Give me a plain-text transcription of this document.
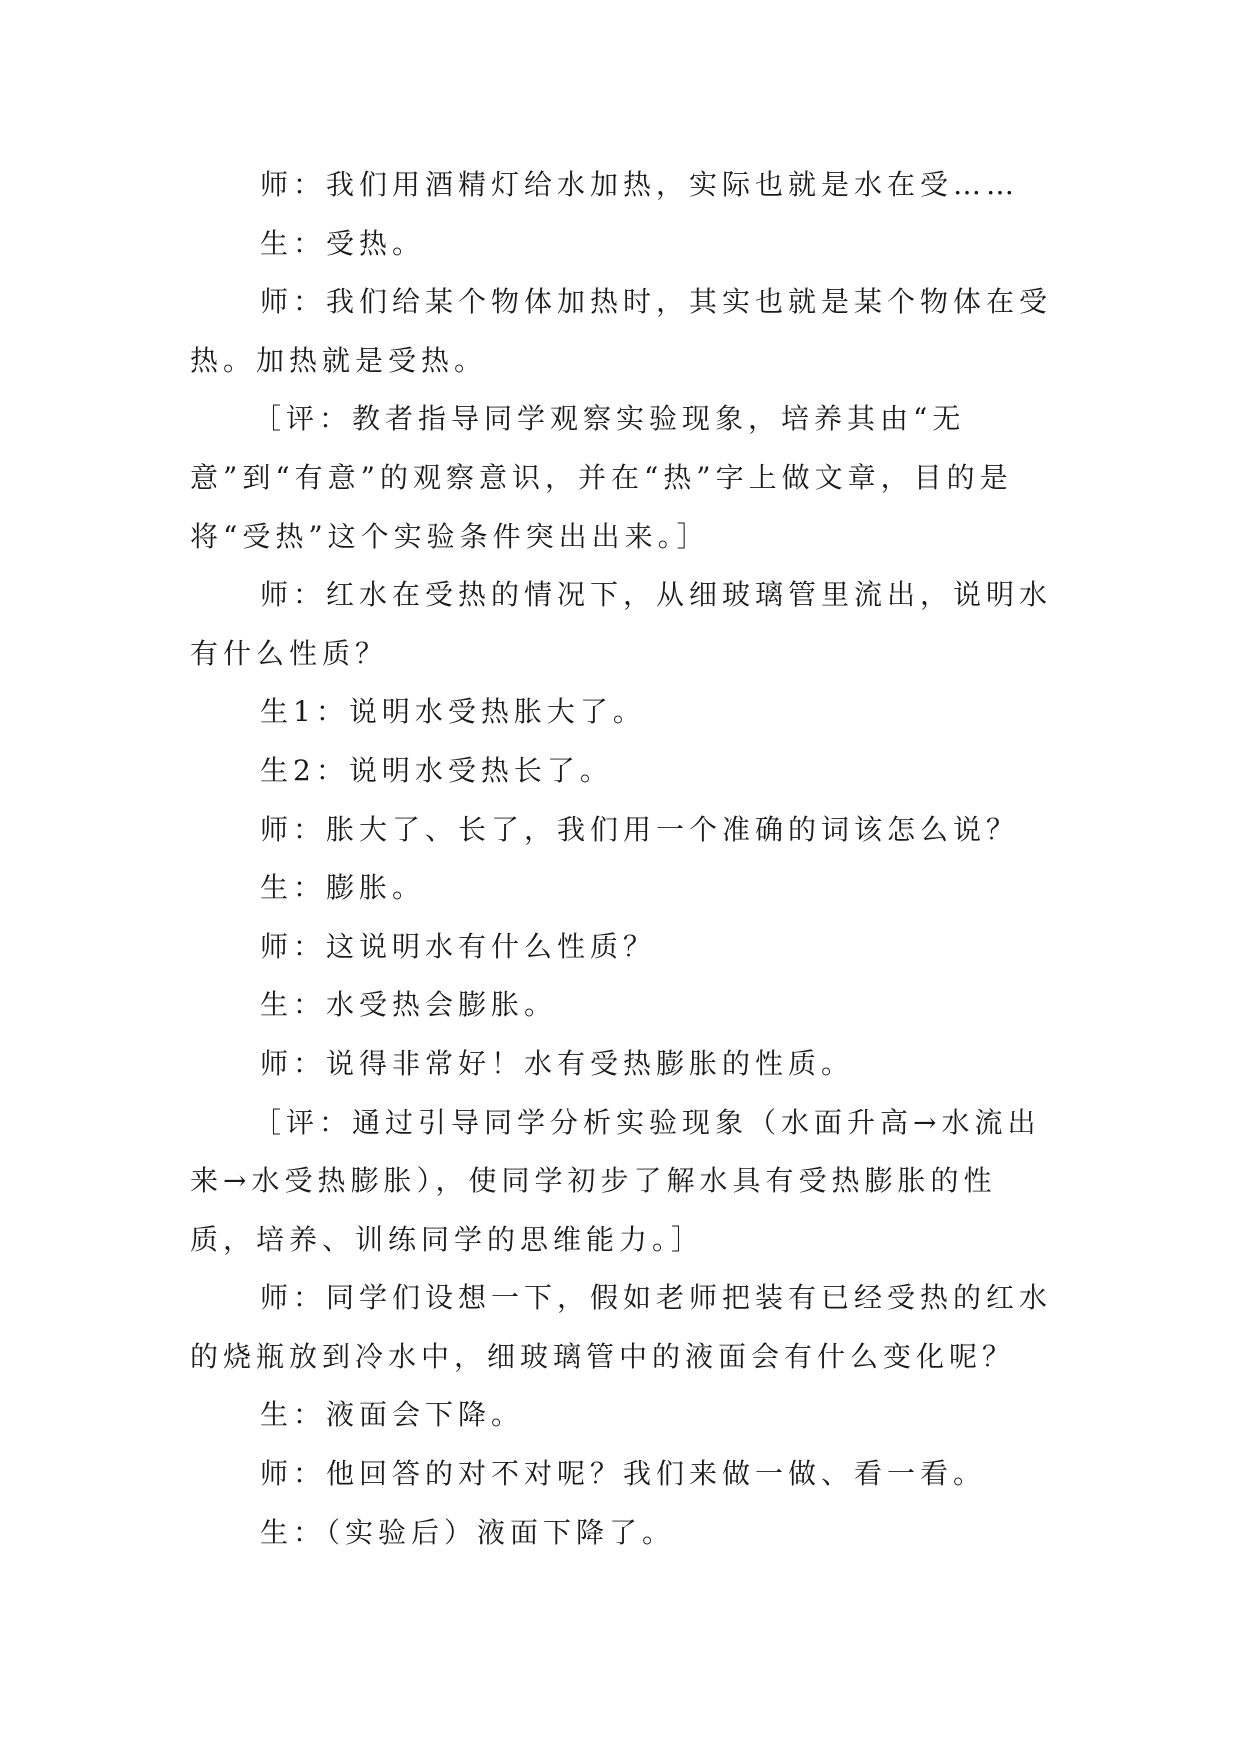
师：我们用酒精灯给水加热，实际也就是水在受……

生：受热。

师：我们给某个物体加热时，其实也就是某个物体在受热。加热就是受热。

［评：教者指导同学观察实验现象，培养其由“无意”到“有意”的观察意识，并在“热”字上做文章，目的是将“受热”这个实验条件突出出来。］

师：红水在受热的情况下，从细玻璃管里流出，说明水有什么性质？

生1：说明水受热胀大了。

生2：说明水受热长了。

师：胀大了、长了，我们用一个准确的词该怎么说？

生：膨胀。

师：这说明水有什么性质？

生：水受热会膨胀。

师：说得非常好！水有受热膨胀的性质。

［评：通过引导同学分析实验现象（水面升高→水流出来→水受热膨胀），使同学初步了解水具有受热膨胀的性质，培养、训练同学的思维能力。］

师：同学们设想一下，假如老师把装有已经受热的红水的烧瓶放到冷水中，细玻璃管中的液面会有什么变化呢？

生：液面会下降。

师：他回答的对不对呢？我们来做一做、看一看。

生：（实验后）液面下降了。
